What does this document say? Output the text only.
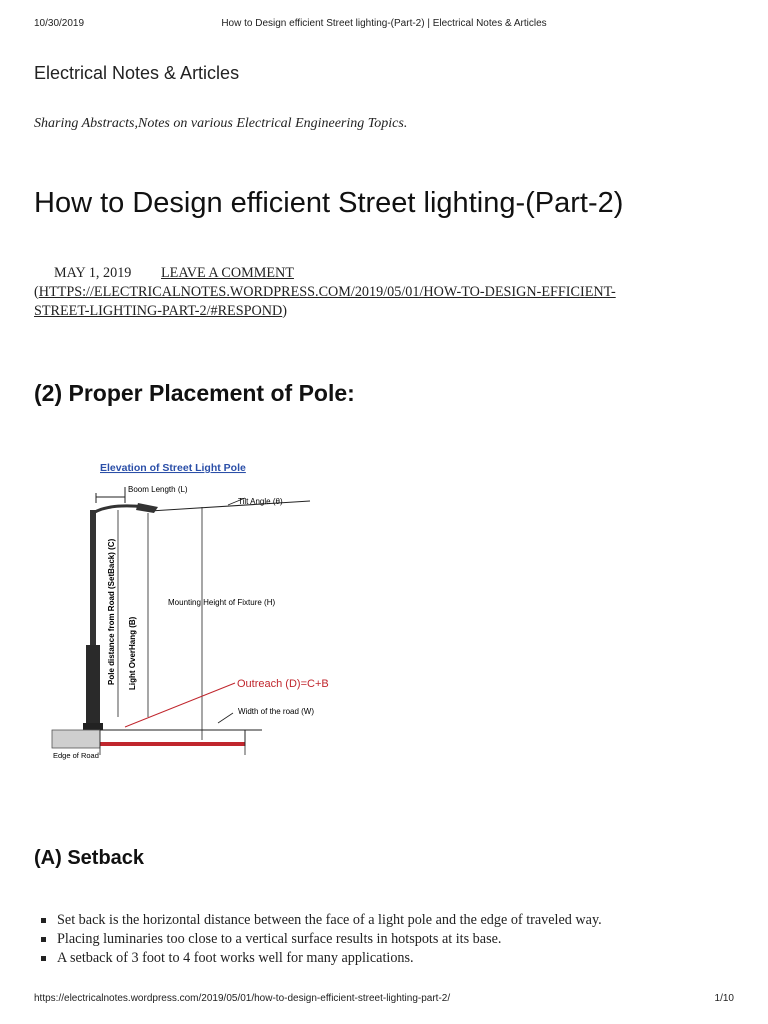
10/30/2019	How to Design efficient Street lighting-(Part-2) | Electrical Notes & Articles
Electrical Notes & Articles
Sharing Abstracts,Notes on various Electrical Engineering Topics.
How to Design efficient Street lighting-(Part-2)
MAY 1, 2019 LEAVE A COMMENT
(HTTPS://ELECTRICALNOTES.WORDPRESS.COM/2019/05/01/HOW-TO-DESIGN-EFFICIENT-
STREET-LIGHTING-PART-2/#RESPOND)
(2) Proper Placement of Pole:
Elevation of Street Light Pole
Boom Length (L)
Tilt Angle (θ)
Pole distance from Road (SetBack) (C) Light OverHang (B)
Mounting Height of Fixture (H)
Outreach (D)=C+B
Width of the road (W)
Edge of Road
(A) Setback
Set back is the horizontal distance between the face of a light pole and the edge of traveled way.
Placing luminaries too close to a vertical surface results in hotspots at its base.
A setback of 3 foot to 4 foot works well for many applications.
https://electricalnotes.wordpress.com/2019/05/01/how-to-design-efficient-street-lighting-part-2/	1/10
